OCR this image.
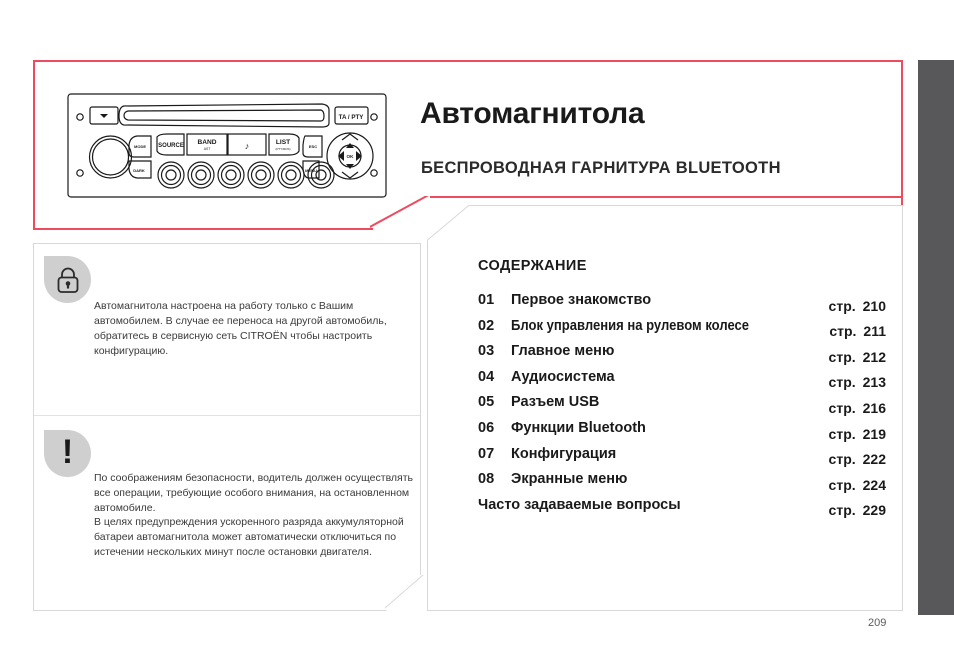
TA / PTY
SOURCE BAND
AST	♪	LIST
(PTY/RDS)
MODE
DARK
ESC
MENU
OK
1	2	3	4	5	6
Автомагнитола
БЕСПРОВОДНАЯ ГАРНИТУРА BLUETOOTH
!

Автомагнитола настроена на работу только с Вашим автомобилем. В случае ее переноса на другой автомобиль, обратитесь в сервисную сеть CITROËN чтобы настроить конфигурацию.

По соображениям безопасности, водитель должен осуществлять все операции, требующие особого внимания, на остановленном автомобиле.

В целях предупреждения ускоренного разряда аккумуляторной батареи автомагнитола может автоматически отключиться по истечении нескольких минут после остановки двигателя.

СОДЕРЖАНИЕ
01	Первое знакомство	стр. 210
02	Блок управления на рулевом колесе	стр. 211
03	Главное меню	стр. 212
04	Аудиосистема	стр. 213
05	Разъем USB	стр. 216
06	Функции Bluetooth	стр. 219
07	Конфигурация	стр. 222
08	Экранные меню	стр. 224
Часто задаваемые вопросы	стр. 229
209
